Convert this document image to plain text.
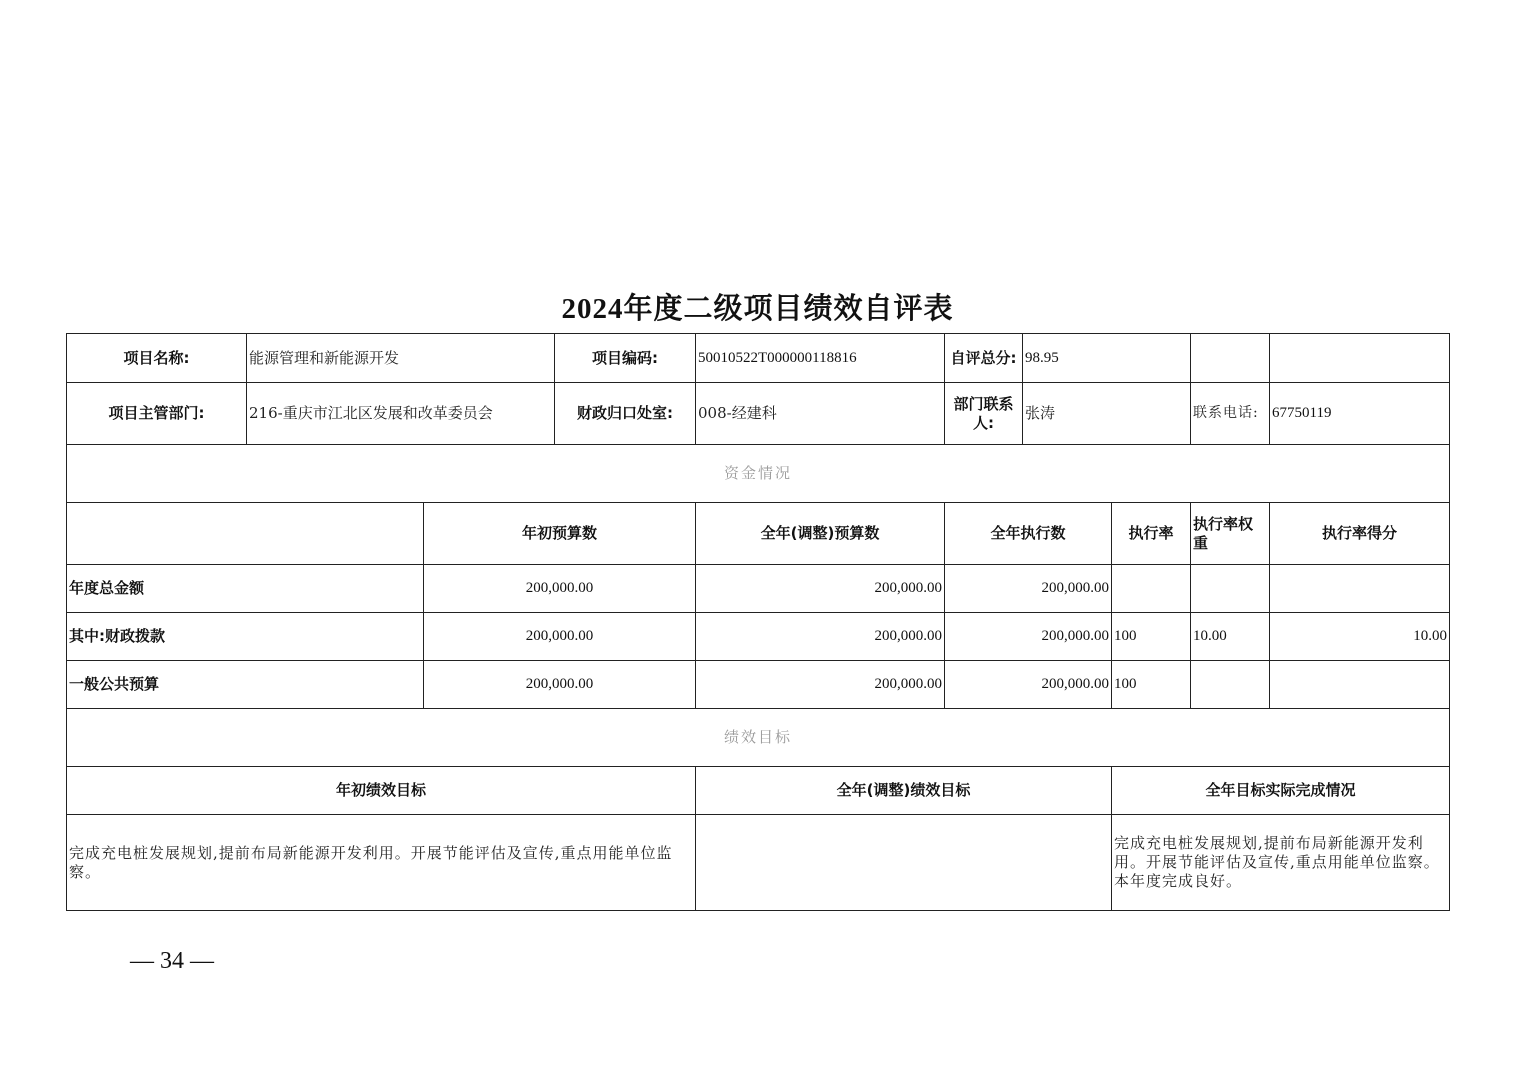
2024年度二级项目绩效自评表
项目名称:	能源管理和新能源开发		项目编码:	50010522T000000118816	自评总分:	98.95			
项目主管部门:	216-重庆市江北区发展和改革委员会		财政归口处室:	008-经建科	部门联系人:	张涛		联系电话:	67750119
资金情况									
		年初预算数		全年(调整)预算数	全年执行数		执行率	执行率权重	执行率得分
年度总金额		200,000.00		200,000.00	200,000.00				
其中:财政拨款		200,000.00		200,000.00	200,000.00		100	10.00	10.00
一般公共预算		200,000.00		200,000.00	200,000.00		100		
绩效目标									
年初绩效目标				全年(调整)绩效目标			全年目标实际完成情况		
完成充电桩发展规划,提前布局新能源开发利用。开展节能评估及宣传,重点用能单位监察。							完成充电桩发展规划,提前布局新能源开发利用。开展节能评估及宣传,重点用能单位监察。本年度完成良好。		
— 34 —
